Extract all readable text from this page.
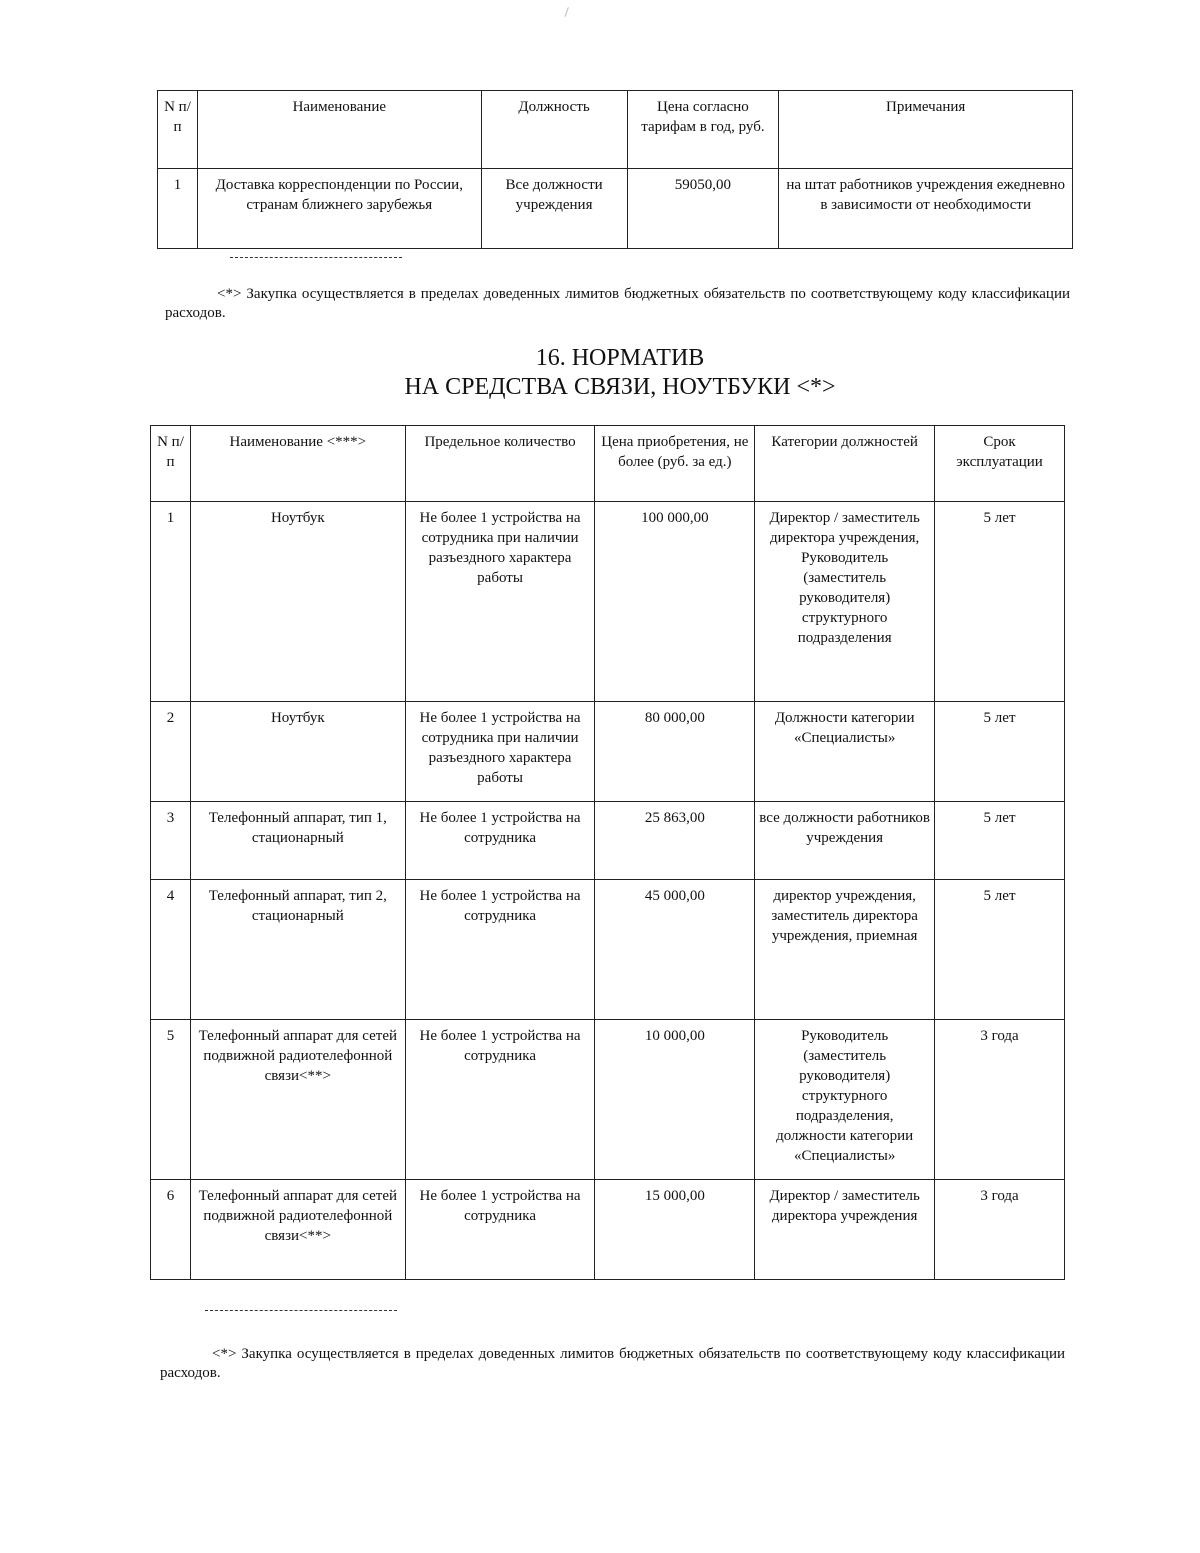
N п/п	Наименование	Должность	Цена согласно тарифам в год, руб.	Примечания
1	Доставка корреспонденции по России, странам ближнего зарубежья	Все должности учреждения	59050,00	на штат работников учреждения ежедневно в зависимости от необходимости
<*> Закупка осуществляется в пределах доведенных лимитов бюджетных обязательств по соответствующему коду классификации расходов.
16. НОРМАТИВ
НА СРЕДСТВА СВЯЗИ, НОУТБУКИ <*>
N п/п	Наименование <***>	Предельное количество	Цена приобретения, не более (руб. за ед.)	Категории должностей	Срок эксплуатации
1	Ноутбук	Не более 1 устройства на сотрудника при наличии разъездного характера работы	100 000,00	Директор / заместитель директора учреждения, Руководитель (заместитель руководителя) структурного подразделения	5 лет
2	Ноутбук	Не более 1 устройства на сотрудника при наличии разъездного характера работы	80 000,00	Должности категории «Специалисты»	5 лет
3	Телефонный аппарат, тип 1, стационарный	Не более 1 устройства на сотрудника	25 863,00	все должности работников учреждения	5 лет
4	Телефонный аппарат, тип 2, стационарный	Не более 1 устройства на сотрудника	45 000,00	директор учреждения, заместитель директора учреждения, приемная	5 лет
5	Телефонный аппарат для сетей подвижной радиотелефонной связи<**>	Не более 1 устройства на сотрудника	10 000,00	Руководитель (заместитель руководителя) структурного подразделения, должности категории «Специалисты»	3 года
6	Телефонный аппарат для сетей подвижной радиотелефонной связи<**>	Не более 1 устройства на сотрудника	15 000,00	Директор / заместитель директора учреждения	3 года
<*> Закупка осуществляется в пределах доведенных лимитов бюджетных обязательств по соответствующему коду классификации расходов.
